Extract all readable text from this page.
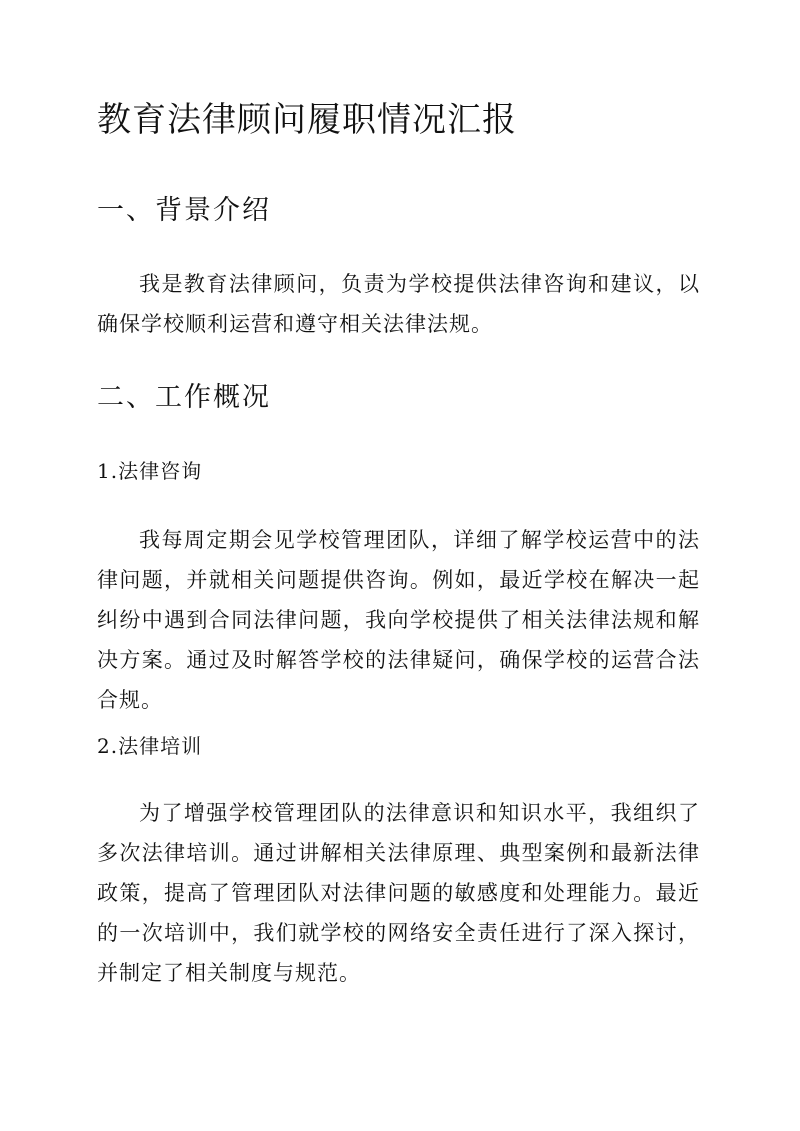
教育法律顾问履职情况汇报
一、背景介绍

我是教育法律顾问，负责为学校提供法律咨询和建议，以确保学校顺利运营和遵守相关法律法规。

二、工作概况
1.法律咨询

我每周定期会见学校管理团队，详细了解学校运营中的法律问题，并就相关问题提供咨询。例如，最近学校在解决一起纠纷中遇到合同法律问题，我向学校提供了相关法律法规和解决方案。通过及时解答学校的法律疑问，确保学校的运营合法合规。

2.法律培训

为了增强学校管理团队的法律意识和知识水平，我组织了多次法律培训。通过讲解相关法律原理、典型案例和最新法律政策，提高了管理团队对法律问题的敏感度和处理能力。最近的一次培训中，我们就学校的网络安全责任进行了深入探讨，并制定了相关制度与规范。
